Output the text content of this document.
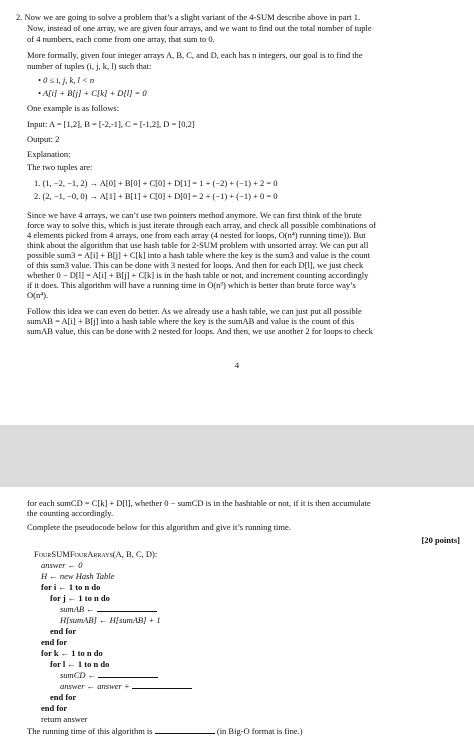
2. Now we are going to solve a problem that’s a slight variant of the 4-SUM describe above in part 1.
Now, instead of one array, we are given four arrays, and we want to find out the total number of tuple
of 4 numbers, each come from one array, that sum to 0.
More formally, given four integer arrays A, B, C, and D, each has n integers, our goal is to find the
number of tuples (i, j, k, l) such that:
• 0 ≤ i, j, k, l < n
• A[i] + B[j] + C[k] + D[l] = 0
One example is as follows:
Input: A = [1,2], B = [-2,-1], C = [-1,2], D = [0,2]
Output: 2
Explanation:
The two tuples are:
1. (1, −2, −1, 2) → A[0] + B[0] + C[0] + D[1] = 1 + (−2) + (−1) + 2 = 0
2. (2, −1, −0, 0) → A[1] + B[1] + C[0] + D[0] = 2 + (−1) + (−1) + 0 = 0
Since we have 4 arrays, we can’t use two pointers method anymore. We can first think of the brute
force way to solve this, which is just iterate through each array, and check all possible combinations of
4 elements picked from 4 arrays, one from each array (4 nested for loops, O(n⁴) running time)). But
think about the algorithm that use hash table for 2-SUM problem with unsorted array. We can put all
possible sum3 = A[i] + B[j] + C[k] into a hash table where the key is the sum3 and value is the count
of this sum3 value. This can be done with 3 nested for loops. And then for each D[l], we just check
whether 0 − D[l] = A[i] + B[j] + C[k] is in the hash table or not, and increment counting accordingly
if it does. This algorithm will have a running time in O(n³) which is better than brute force way’s
O(n⁴).
Follow this idea we can even do better. As we already use a hash table, we can just put all possible
sumAB = A[i] + B[j] into a hash table where the key is the sumAB and value is the count of this
sumAB value, this can be done with 2 nested for loops. And then, we use another 2 for loops to check
4
for each sumCD = C[k] + D[l], whether 0 − sumCD is in the hashtable or not, if it is then accumulate
the counting accordingly.
Complete the pseudocode below for this algorithm and give it’s running time.
[20 points]
FourSUMFourArrays(A, B, C, D):
answer ← 0
H ← new Hash Table
for i ← 1 to n do
for j ← 1 to n do
sumAB ←
H[sumAB] ← H[sumAB] + 1
end for
end for
for k ← 1 to n do
for l ← 1 to n do
sumCD ←
answer ← answer +
end for
end for
return answer
The running time of this algorithm is	(in Big-O format is fine.)
